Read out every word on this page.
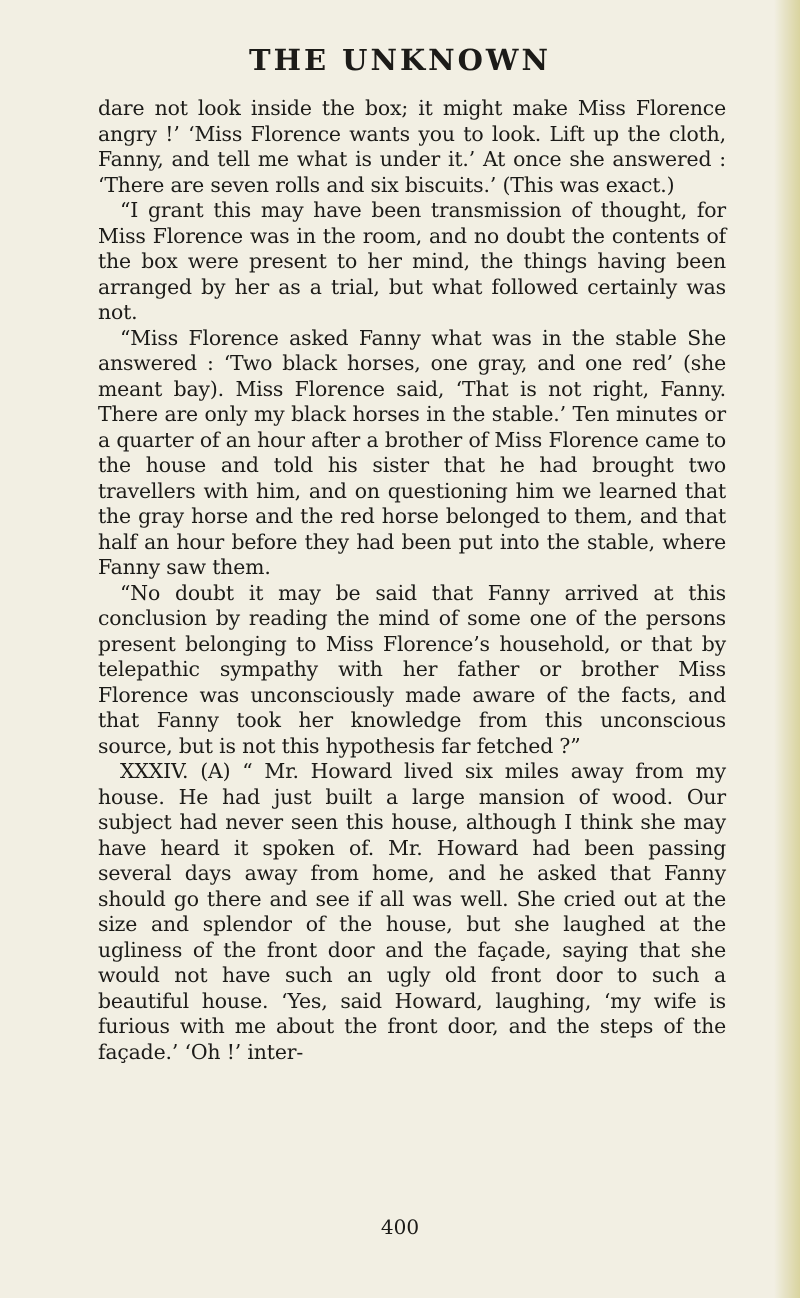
THE UNKNOWN

dare not look inside the box; it might make Miss Florence angry !’ ‘Miss Florence wants you to look. Lift up the cloth, Fanny, and tell me what is under it.’ At once she answered : ‘There are seven rolls and six biscuits.’ (This was exact.)

“I grant this may have been transmission of thought, for Miss Florence was in the room, and no doubt the contents of the box were present to her mind, the things having been arranged by her as a trial, but what followed certainly was not.

“Miss Florence asked Fanny what was in the stable She answered : ‘Two black horses, one gray, and one red’ (she meant bay). Miss Florence said, ‘That is not right, Fanny. There are only my black horses in the stable.’ Ten minutes or a quarter of an hour after a brother of Miss Florence came to the house and told his sister that he had brought two travellers with him, and on questioning him we learned that the gray horse and the red horse belonged to them, and that half an hour before they had been put into the stable, where Fanny saw them.

“No doubt it may be said that Fanny arrived at this conclusion by reading the mind of some one of the persons present belonging to Miss Florence’s household, or that by telepathic sympathy with her father or brother Miss Florence was unconsciously made aware of the facts, and that Fanny took her knowledge from this unconscious source, but is not this hypothesis far fetched ?”

XXXIV. (A) “ Mr. Howard lived six miles away from my house. He had just built a large mansion of wood. Our subject had never seen this house, although I think she may have heard it spoken of. Mr. Howard had been passing several days away from home, and he asked that Fanny should go there and see if all was well. She cried out at the size and splendor of the house, but she laughed at the ugliness of the front door and the façade, saying that she would not have such an ugly old front door to such a beautiful house. ‘Yes, said Howard, laughing, ‘my wife is furious with me about the front door, and the steps of the façade.’ ‘Oh !’ inter-

400
